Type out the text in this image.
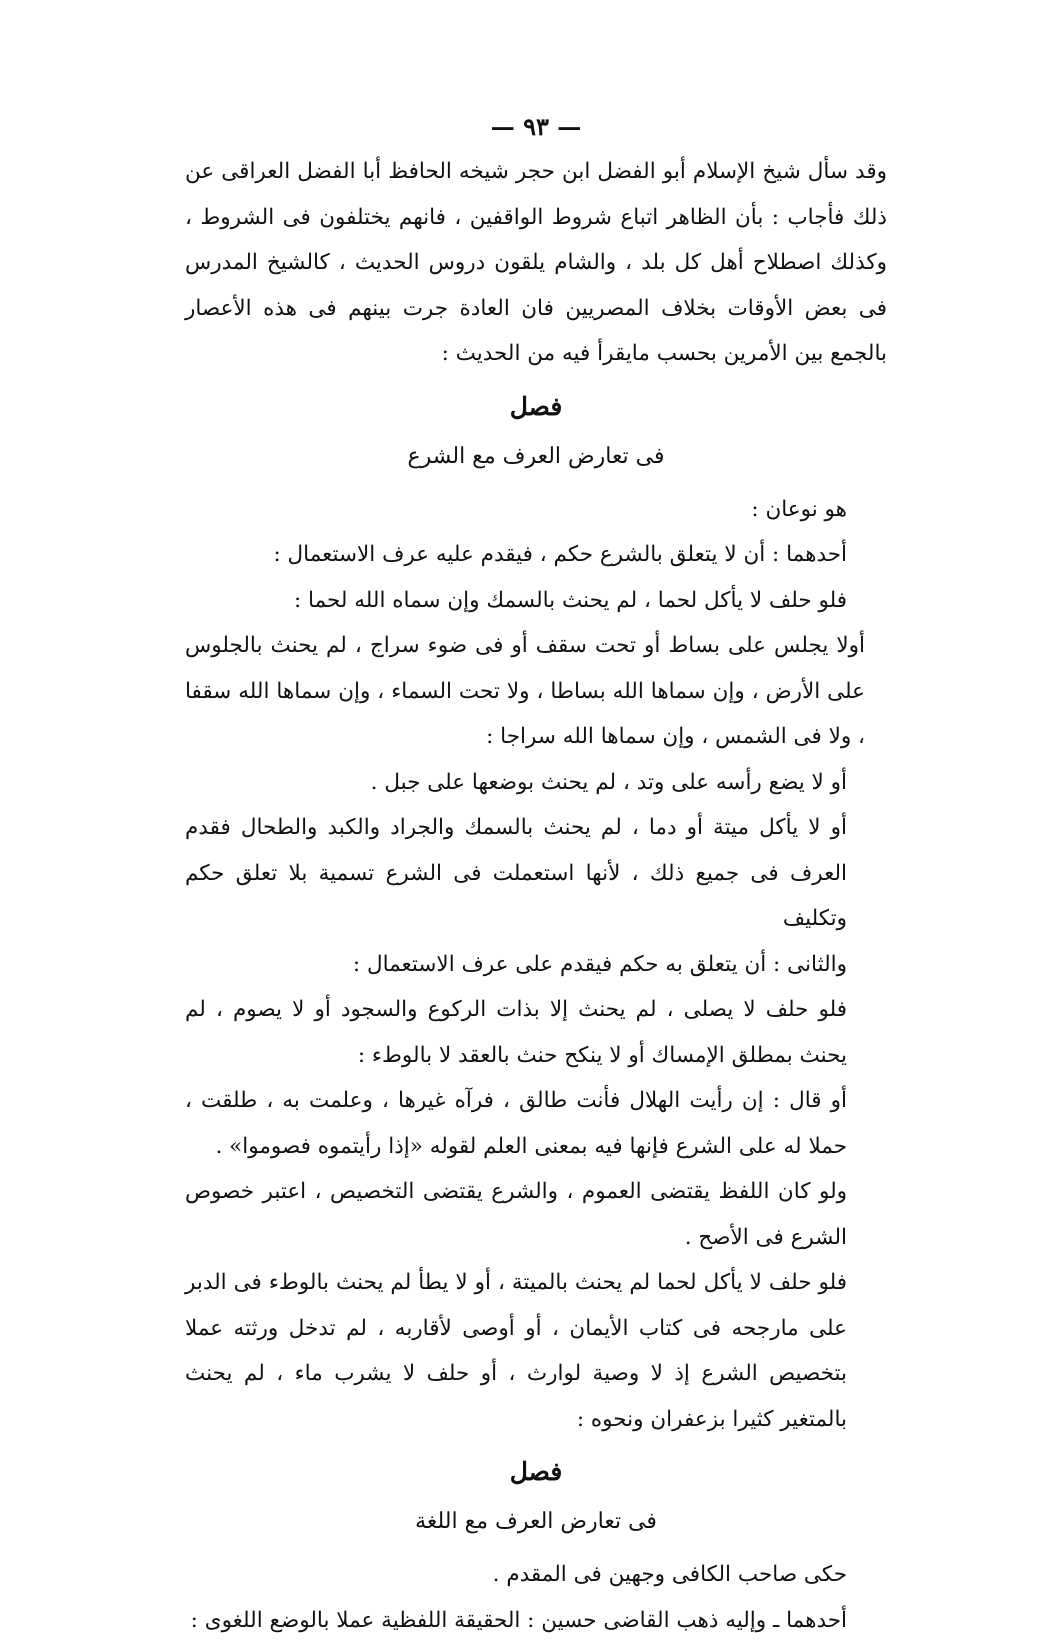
— ٩٣ —

وقد سأل شيخ الإسلام أبو الفضل ابن حجر شيخه الحافظ أبا الفضل العراقى عن ذلك فأجاب : بأن الظاهر اتباع شروط الواقفين ، فانهم يختلفون فى الشروط ، وكذلك اصطلاح أهل كل بلد ، والشام يلقون دروس الحديث ، كالشيخ المدرس فى بعض الأوقات بخلاف المصريين فان العادة جرت بينهم فى هذه الأعصار بالجمع بين الأمرين بحسب مايقرأ فيه من الحديث :

فصل
فى تعارض العرف مع الشرع

هو نوعان :

أحدهما : أن لا يتعلق بالشرع حكم ، فيقدم عليه عرف الاستعمال :

فلو حلف لا يأكل لحما ، لم يحنث بالسمك وإن سماه الله لحما :

أولا يجلس على بساط أو تحت سقف أو فى ضوء سراج ، لم يحنث بالجلوس على الأرض ، وإن سماها الله بساطا ، ولا تحت السماء ، وإن سماها الله سقفا ، ولا فى الشمس ، وإن سماها الله سراجا :

أو لا يضع رأسه على وتد ، لم يحنث بوضعها على جبل .

أو لا يأكل ميتة أو دما ، لم يحنث بالسمك والجراد والكبد والطحال فقدم العرف فى جميع ذلك ، لأنها استعملت فى الشرع تسمية بلا تعلق حكم وتكليف

والثانى : أن يتعلق به حكم فيقدم على عرف الاستعمال :

فلو حلف لا يصلى ، لم يحنث إلا بذات الركوع والسجود أو لا يصوم ، لم يحنث بمطلق الإمساك أو لا ينكح حنث بالعقد لا بالوطء :

أو قال : إن رأيت الهلال فأنت طالق ، فرآه غيرها ، وعلمت به ، طلقت ، حملا له على الشرع فإنها فيه بمعنى العلم لقوله «إذا رأيتموه فصوموا» .

ولو كان اللفظ يقتضى العموم ، والشرع يقتضى التخصيص ، اعتبر خصوص الشرع فى الأصح .

فلو حلف لا يأكل لحما لم يحنث بالميتة ، أو لا يطأ لم يحنث بالوطء فى الدبر على مارجحه فى كتاب الأيمان ، أو أوصى لأقاربه ، لم تدخل ورثته عملا بتخصيص الشرع إذ لا وصية لوارث ، أو حلف لا يشرب ماء ، لم يحنث بالمتغير كثيرا بزعفران ونحوه :

فصل
فى تعارض العرف مع اللغة

حكى صاحب الكافى وجهين فى المقدم .

أحدهما ـ وإليه ذهب القاضى حسين : الحقيقة اللفظية عملا بالوضع اللغوى :
